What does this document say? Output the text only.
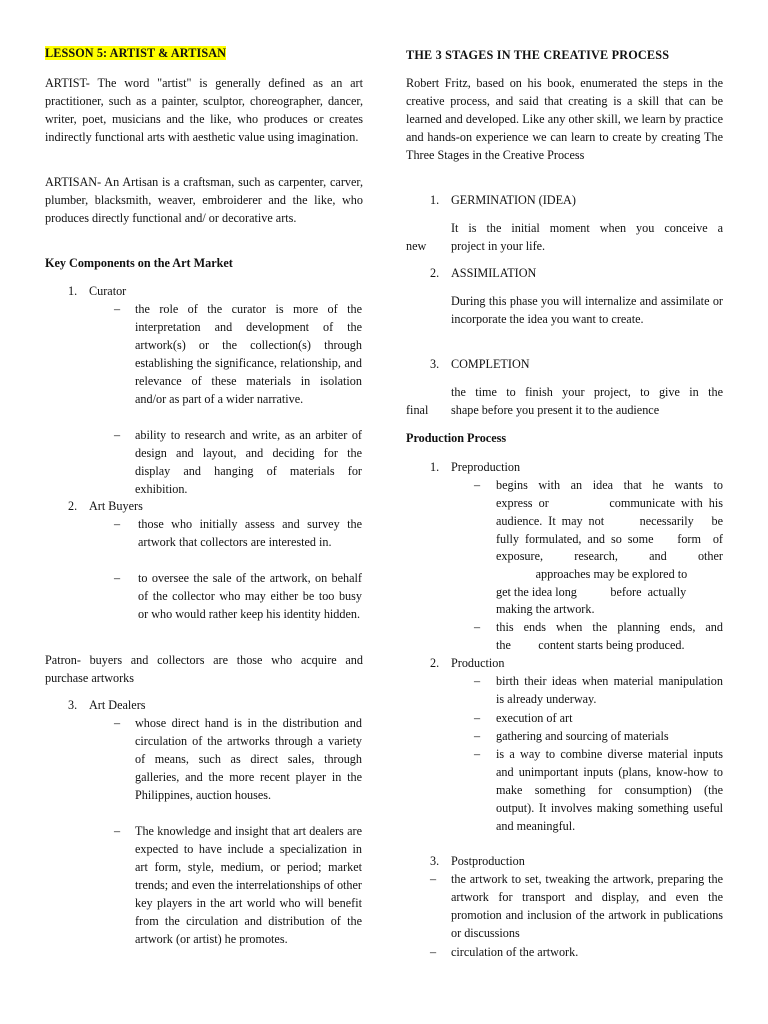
LESSON 5: ARTIST & ARTISAN

ARTIST- The word "artist" is generally defined as an art practitioner, such as a painter, sculptor, choreographer, dancer, writer, poet, musicians and the like, who produces or creates indirectly functional arts with aesthetic value using imagination.

ARTISAN- An Artisan is a craftsman, such as carpenter, carver, plumber, blacksmith, weaver, embroiderer and the like, who produces directly functional and/ or decorative arts.

Key Components on the Art Market
1. Curator
– the role of the curator is more of the interpretation and development of the artwork(s) or the collection(s) through establishing the significance, relationship, and relevance of these materials in isolation and/or as part of a wider narrative.
– ability to research and write, as an arbiter of design and layout, and deciding for the display and hanging of materials for exhibition.
2. Art Buyers
– those who initially assess and survey the artwork that collectors are interested in.
– to oversee the sale of the artwork, on behalf of the collector who may either be too busy or who would rather keep his identity hidden.

Patron- buyers and collectors are those who acquire and purchase artworks

3. Art Dealers
– whose direct hand is in the distribution and circulation of the artworks through a variety of means, such as direct sales, through galleries, and the more recent player in the Philippines, auction houses.
– The knowledge and insight that art dealers are expected to have include a specialization in art form, style, medium, or period; market trends; and even the interrelationships of other key players in the art world who will benefit from the circulation and distribution of the artwork (or artist) he promotes.
THE 3 STAGES IN THE CREATIVE PROCESS

Robert Fritz, based on his book, enumerated the steps in the creative process, and said that creating is a skill that can be learned and developed. Like any other skill, we learn by practice and hands-on experience we can learn to create by creating The Three Stages in the Creative Process

1. GERMINATION (IDEA)
It is the initial moment when you conceive a
new project in your life.
2. ASSIMILATION
During this phase you will internalize and assimilate or incorporate the idea you want to create.
3. COMPLETION
the time to finish your project, to give in the
final shape before you present it to the audience
Production Process
1. Preproduction
– begins with an idea that he wants to
express or          communicate with his
audience. It may not      necessarily   be
fully formulated, and so some    form  of
exposure,    research,    and    other
approaches may be explored to
get the idea long           before  actually
making the artwork.
– this ends when the planning ends, and
the         content starts being produced.
2. Production
– birth their ideas when material manipulation is already underway.
– execution of art
– gathering and sourcing of materials
– is a way to combine diverse material inputs and unimportant inputs (plans, know-how to make something for consumption) (the output). It involves making something useful and meaningful.
3. Postproduction
– the artwork to set, tweaking the artwork, preparing the artwork for transport and display, and even the promotion and inclusion of the artwork in publications or discussions
– circulation of the artwork.
